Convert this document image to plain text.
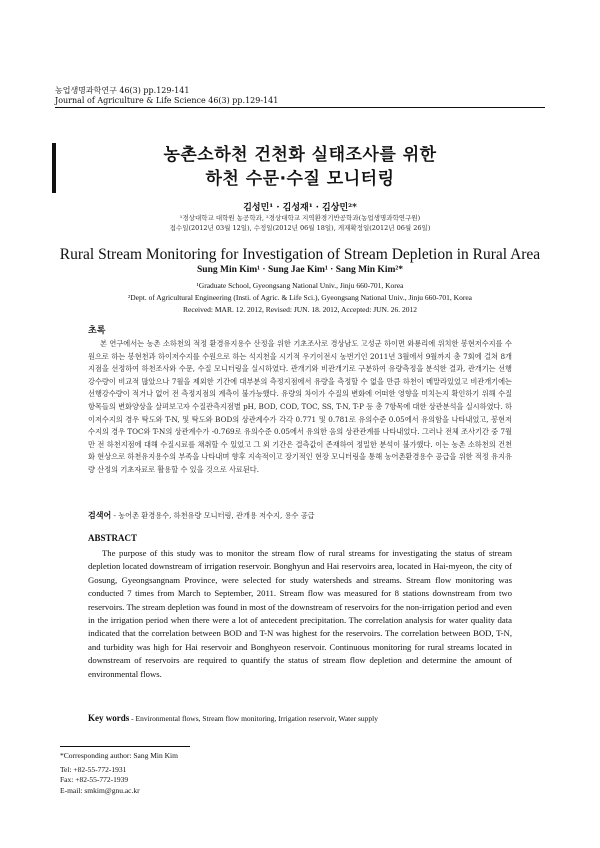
농업생명과학연구 46(3) pp.129-141
Journal of Agriculture & Life Science 46(3) pp.129-141
농촌소하천 건천화 실태조사를 위한
하천 수문·수질 모니터링
김성민¹ · 김성재¹ · 김상민²*
¹경상대학교 대학원 농공학과, ²경상대학교 지역환경기반공학과(농업생명과학연구원)
접수일(2012년 03월 12일), 수정일(2012년 06월 18일), 게재확정일(2012년 06월 26일)
Rural Stream Monitoring for Investigation of Stream Depletion in Rural Area
Sung Min Kim¹ · Sung Jae Kim¹ · Sang Min Kim²*
¹Graduate School, Gyeongsang National Univ., Jinju 660-701, Korea
²Dept. of Agricultural Engineering (Insti. of Agric. & Life Sci.), Gyeongsang National Univ., Jinju 660-701, Korea
Received: MAR. 12. 2012, Revised: JUN. 18. 2012, Accepted: JUN. 26. 2012
초록
본 연구에서는 농촌 소하천의 적정 환경유지용수 산정을 위한 기초조사로 경상남도 고성군 하이면 와룡리에 위치한 봉현저수지를 수원으로 하는 봉현천과 하이저수지를 수원으로 하는 석지천을 시기적 우기이전시 농번기인 2011년 3월에서 9월까지 총 7회에 걸쳐 8개 지점을 선정하여 하천조사와 수문, 수질 모니터링을 실시하였다. 관개기와 비관개기로 구분하여 유량측정을 분석한 결과, 관개기는 선행강수량이 비교적 많았으나 7월을 제외한 기간에 대부분의 측정지점에서 유량을 측정할 수 없을 만큼 하천이 메말라있었고 비관개기에는 선행강수량이 적거나 없어 전 측정지점의 계측이 불가능했다. 유량의 차이가 수질의 변화에 어떠한 영향을 미치는지 확인하기 위해 수질항목들의 변화양상을 살펴보고자 수질관측지점별 pH, BOD, COD, TOC, SS, T-N, T-P 등 총 7항목에 대한 상관분석을 실시하였다. 하이저수지의 경우 탁도와 T-N, 및 탁도와 BOD의 상관계수가 각각 0.771 및 0.781로 유의수준 0.05에서 유의함을 나타내었고, 봉현저수지의 경우 TOC와 T-N의 상관계수가 -0.769로 유의수준 0.05에서 유의한 음의 상관관계를 나타내었다. 그러나 전체 조사기간 중 7월만 전 하천지점에 대해 수질시료를 채취할 수 있었고 그 외 기간은 결측값이 존재하여 정밀한 분석이 불가했다. 이는 농촌 소하천의 건천화 현상으로 하천유지용수의 부족을 나타내며 향후 지속적이고 장기적인 현장 모니터링을 통해 농어촌환경용수 공급을 위한 적정 유지유량 산정의 기초자료로 활용할 수 있을 것으로 사료된다.
검색어 - 농어촌 환경용수, 하천유량 모니터링, 관개용 저수지, 용수 공급
ABSTRACT
The purpose of this study was to monitor the stream flow of rural streams for investigating the status of stream depletion located downstream of irrigation reservoir. Bonghyun and Hai reservoirs area, located in Hai-myeon, the city of Gosung, Gyeongsangnam Province, were selected for study watersheds and streams. Stream flow monitoring was conducted 7 times from March to September, 2011. Stream flow was measured for 8 stations downstream from two reservoirs. The stream depletion was found in most of the downstream of reservoirs for the non-irrigation period and even in the irrigation period when there were a lot of antecedent precipitation. The correlation analysis for water quality data indicated that the correlation between BOD and T-N was highest for the reservoirs. The correlation between BOD, T-N, and turbidity was high for Hai reservoir and Bonghyeon reservoir. Continuous monitoring for rural streams located in downstream of reservoirs are required to quantify the status of stream flow depletion and determine the amount of environmental flows.
Key words - Environmental flows, Stream flow monitoring, Irrigation reservoir, Water supply
*Corresponding author: Sang Min Kim
Tel: +82-55-772-1931
Fax: +82-55-772-1939
E-mail: smkim@gnu.ac.kr
